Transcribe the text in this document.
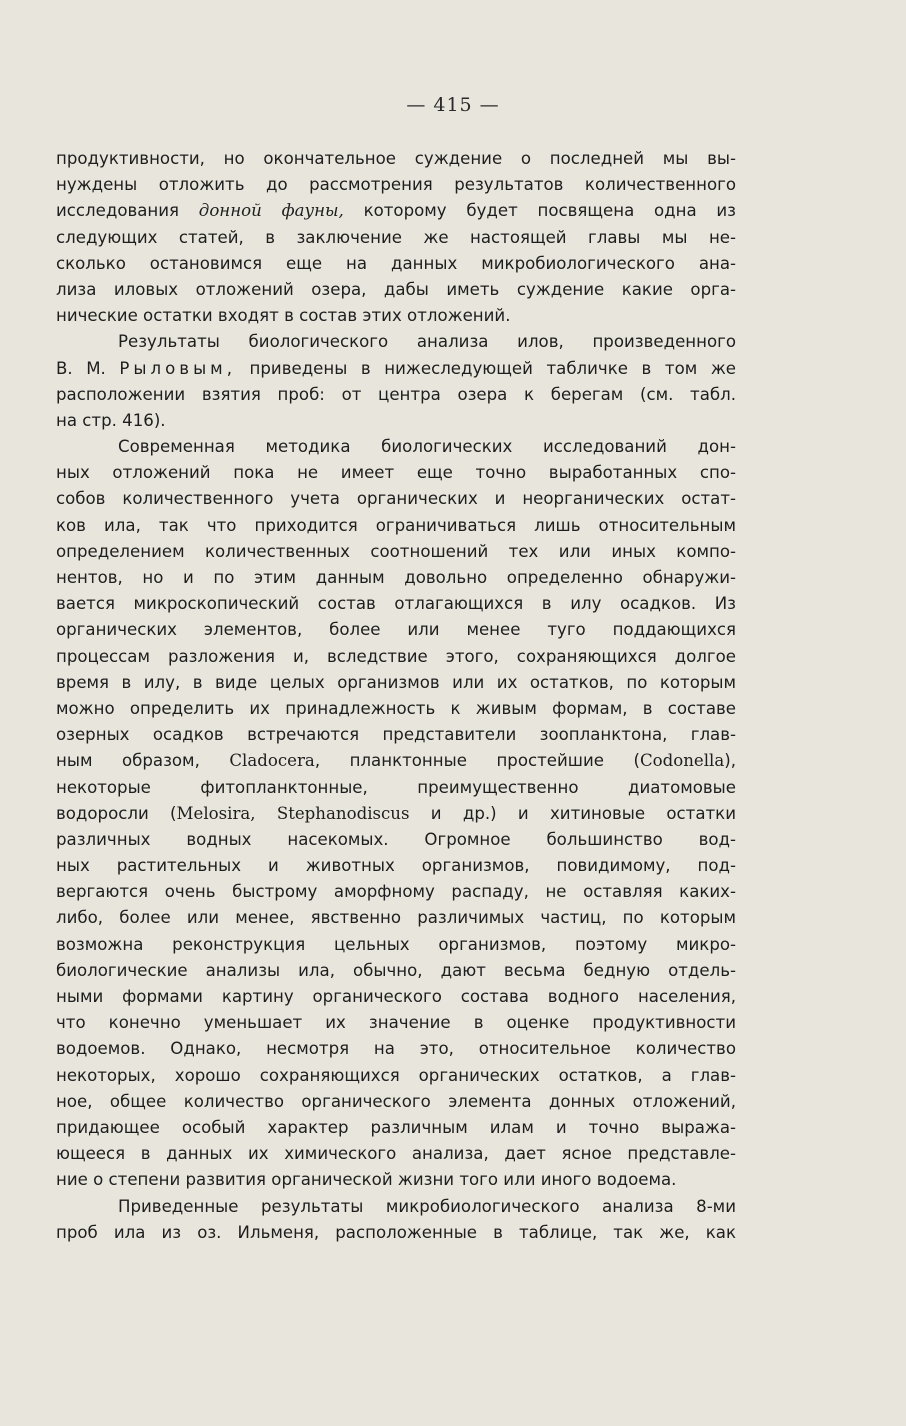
— 415 —
продуктивности, но окончательное суждение о последней мы вы-
нуждены отложить до рассмотрения результатов количественного
исследования донной фауны, которому будет посвящена одна из
следующих статей, в заключение же настоящей главы мы не-
сколько остановимся еще на данных микробиологического ана-
лиза иловых отложений озера, дабы иметь суждение какие орга-
нические остатки входят в состав этих отложений.
Результаты биологического анализа илов, произведенного
В. М. Рыловым, приведены в нижеследующей табличке в том же
расположении взятия проб: от центра озера к берегам (см. табл.
на стр. 416).
Современная методика биологических исследований дон-
ных отложений пока не имеет еще точно выработанных спо-
собов количественного учета органических и неорганических остат-
ков ила, так что приходится ограничиваться лишь относительным
определением количественных соотношений тех или иных компо-
нентов, но и по этим данным довольно определенно обнаружи-
вается микроскопический состав отлагающихся в илу осадков. Из
органических элементов, более или менее туго поддающихся
процессам разложения и, вследствие этого, сохраняющихся долгое
время в илу, в виде целых организмов или их остатков, по которым
можно определить их принадлежность к живым формам, в составе
озерных осадков встречаются представители зоопланктона, глав-
ным образом, Cladocera, планктонные простейшие (Codonella),
некоторые фитопланктонные, преимущественно диатомовые
водоросли (Melosira, Stephanodiscus и др.) и хитиновые остатки
различных водных насекомых. Огромное большинство вод-
ных растительных и животных организмов, повидимому, под-
вергаются очень быстрому аморфному распаду, не оставляя каких-
либо, более или менее, явственно различимых частиц, по которым
возможна реконструкция цельных организмов, поэтому микро-
биологические анализы ила, обычно, дают весьма бедную отдель-
ными формами картину органического состава водного населения,
что конечно уменьшает их значение в оценке продуктивности
водоемов. Однако, несмотря на это, относительное количество
некоторых, хорошо сохраняющихся органических остатков, а глав-
ное, общее количество органического элемента донных отложений,
придающее особый характер различным илам и точно выража-
ющееся в данных их химического анализа, дает ясное представле-
ние о степени развития органической жизни того или иного водоема.
Приведенные результаты микробиологического анализа 8-ми
проб ила из оз. Ильменя, расположенные в таблице, так же, как
